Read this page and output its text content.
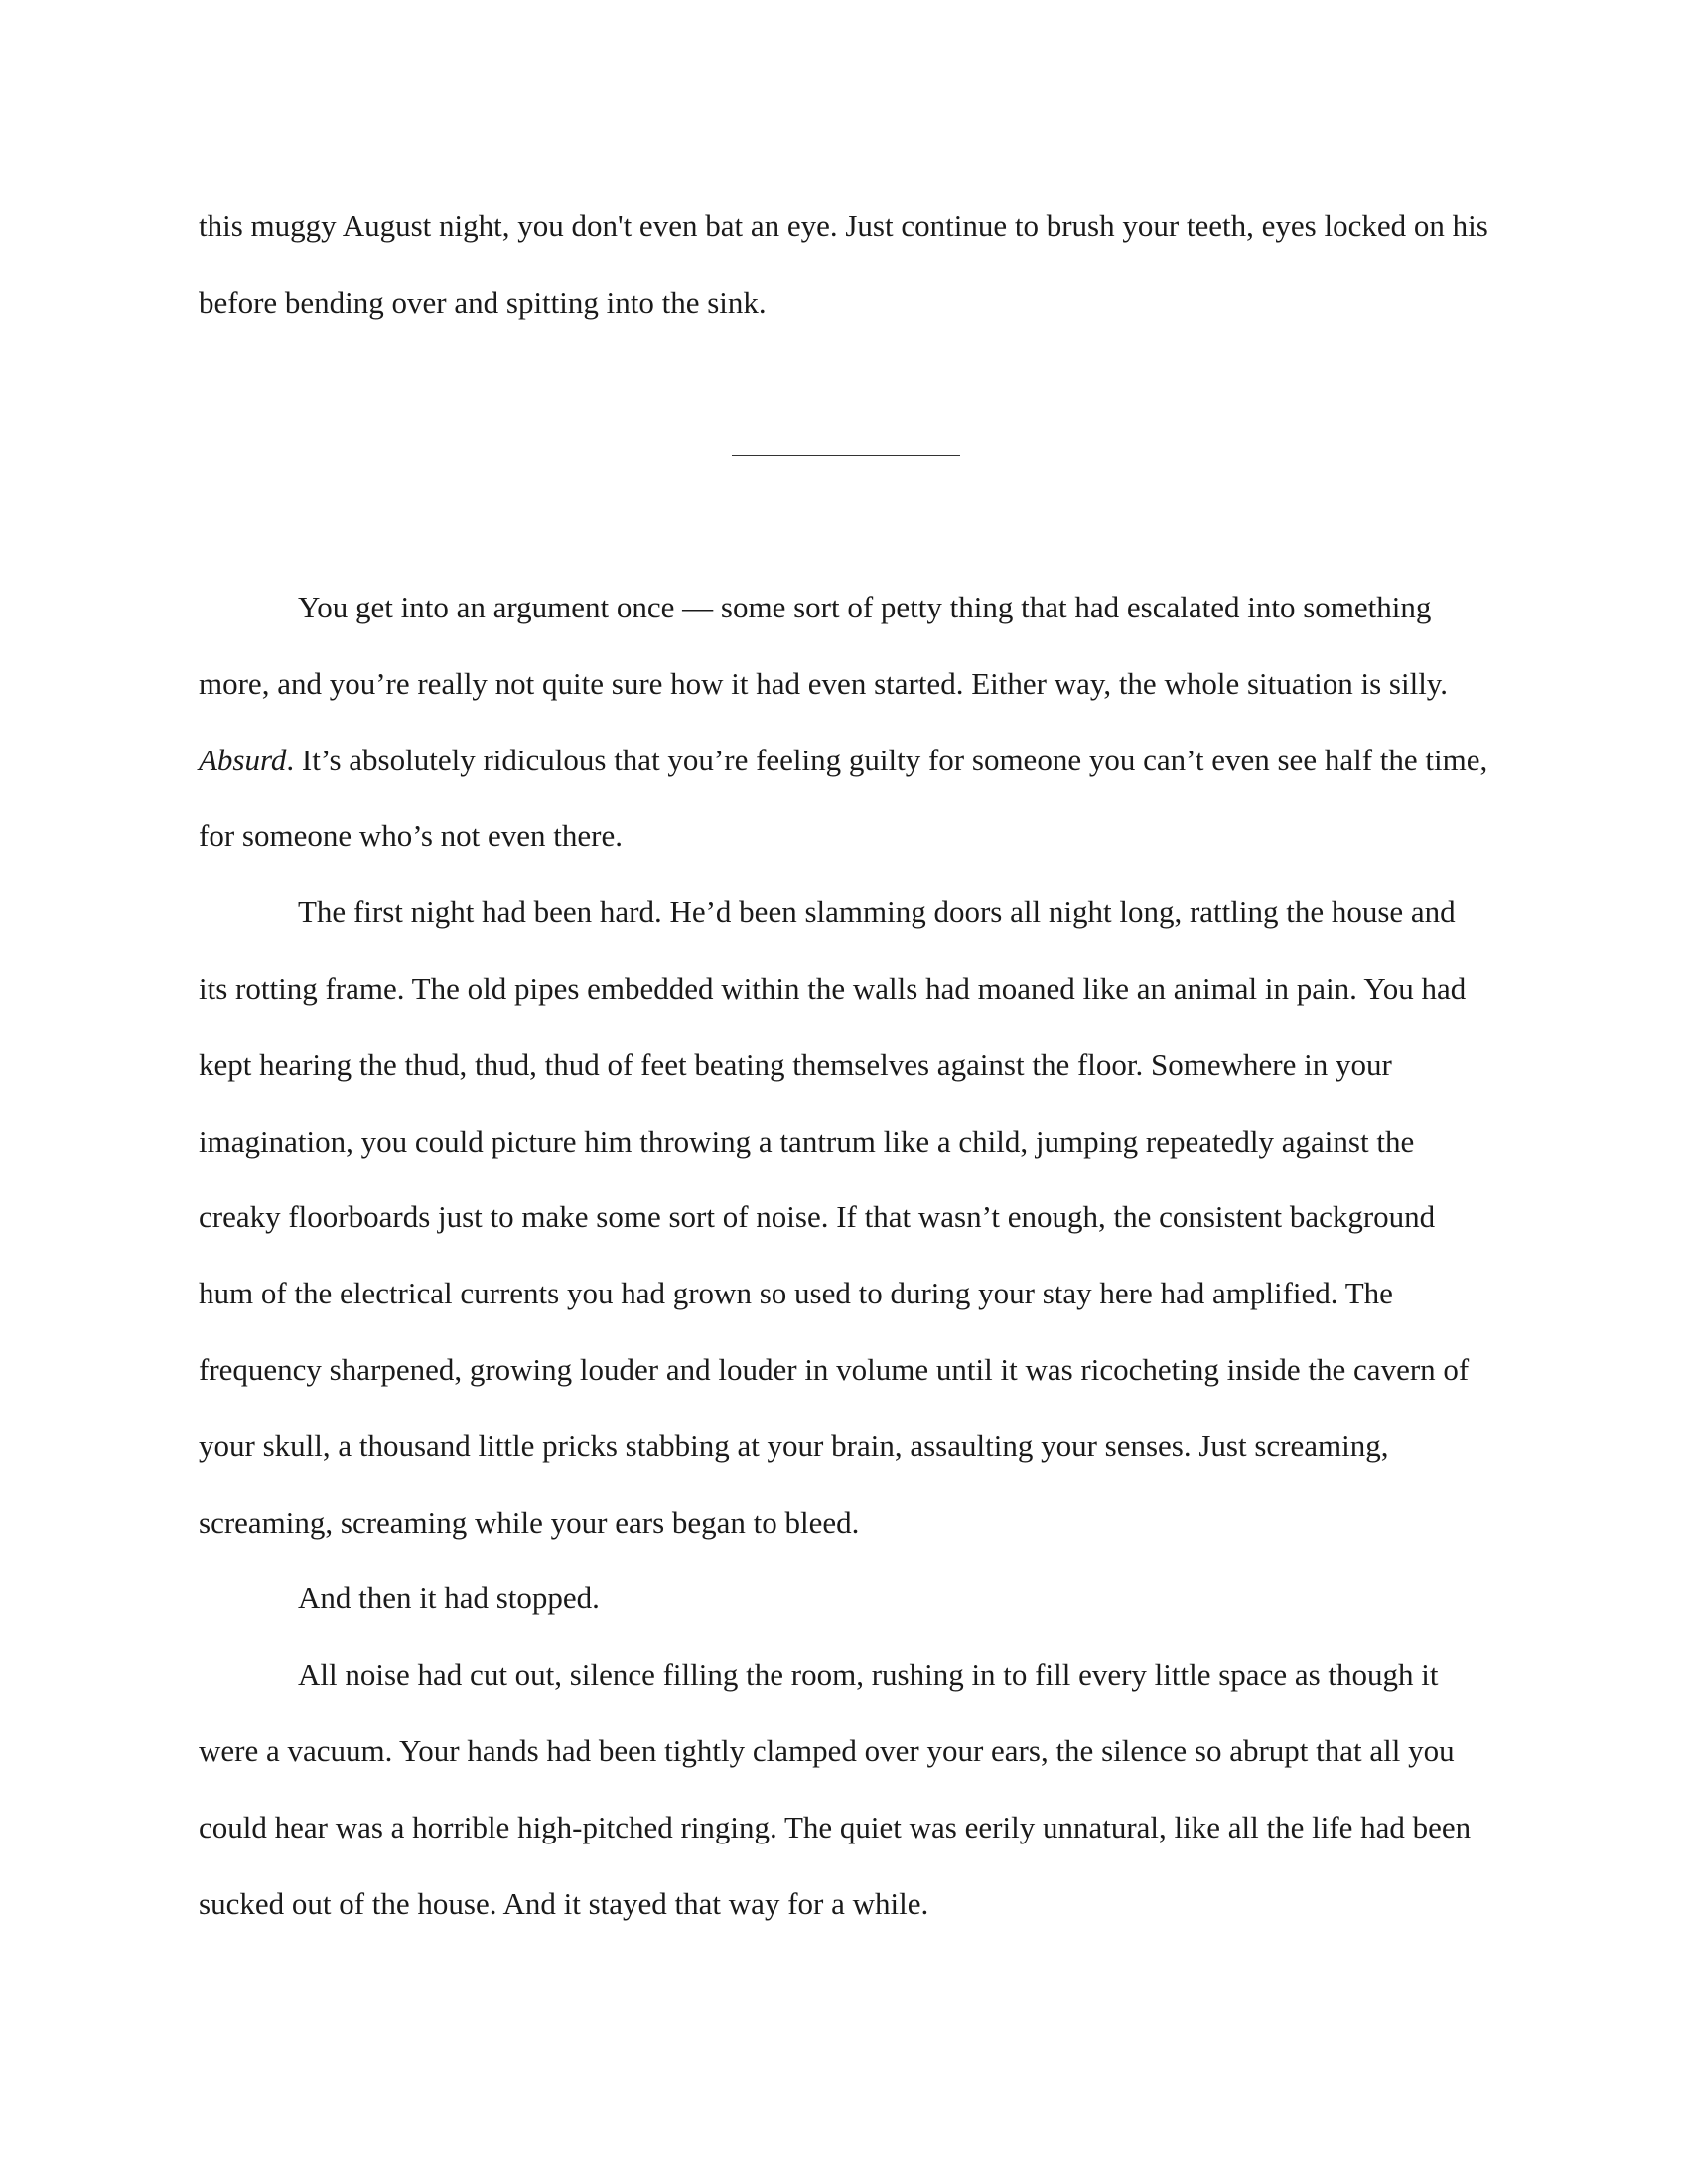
this muggy August night, you don't even bat an eye. Just continue to brush your teeth, eyes locked on his before bending over and spitting into the sink.

You get into an argument once — some sort of petty thing that had escalated into something more, and you’re really not quite sure how it had even started. Either way, the whole situation is silly. Absurd. It’s absolutely ridiculous that you’re feeling guilty for someone you can’t even see half the time, for someone who’s not even there.

The first night had been hard. He’d been slamming doors all night long, rattling the house and its rotting frame. The old pipes embedded within the walls had moaned like an animal in pain. You had kept hearing the thud, thud, thud of feet beating themselves against the floor. Somewhere in your imagination, you could picture him throwing a tantrum like a child, jumping repeatedly against the creaky floorboards just to make some sort of noise. If that wasn’t enough, the consistent background hum of the electrical currents you had grown so used to during your stay here had amplified. The frequency sharpened, growing louder and louder in volume until it was ricocheting inside the cavern of your skull, a thousand little pricks stabbing at your brain, assaulting your senses. Just screaming, screaming, screaming while your ears began to bleed.

And then it had stopped.

All noise had cut out, silence filling the room, rushing in to fill every little space as though it were a vacuum. Your hands had been tightly clamped over your ears, the silence so abrupt that all you could hear was a horrible high-pitched ringing. The quiet was eerily unnatural, like all the life had been sucked out of the house. And it stayed that way for a while.
